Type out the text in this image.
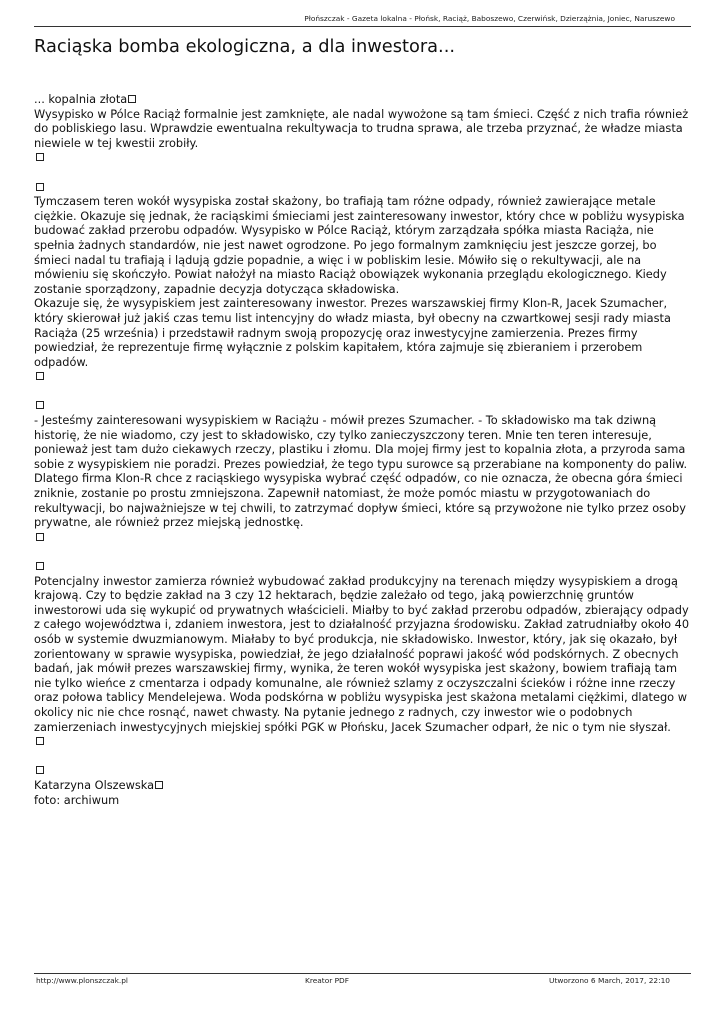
Płońszczak - Gazeta lokalna - Płońsk, Raciąż, Baboszewo, Czerwińsk, Dzierzążnia, Joniec, Naruszewo
Raciąska bomba ekologiczna, a dla inwestora...
... kopalnia złota

Wysypisko w Pólce Raciąż formalnie jest zamknięte, ale nadal wywożone są tam śmieci. Część z nich trafia również do pobliskiego lasu. Wprawdzie ewentualna rekultywacja to trudna sprawa, ale trzeba przyznać, że władze miasta niewiele w tej kwestii zrobiły.

Tymczasem teren wokół wysypiska został skażony, bo trafiają tam różne odpady, również zawierające metale ciężkie. Okazuje się jednak, że raciąskimi śmieciami jest zainteresowany inwestor, który chce w pobliżu wysypiska budować zakład przerobu odpadów. Wysypisko w Pólce Raciąż, którym zarządzała spółka miasta Raciąża, nie spełnia żadnych standardów, nie jest nawet ogrodzone. Po jego formalnym zamknięciu jest jeszcze gorzej, bo śmieci nadal tu trafiają i lądują gdzie popadnie, a więc i w pobliskim lesie. Mówiło się o rekultywacji, ale na mówieniu się skończyło. Powiat nałożył na miasto Raciąż obowiązek wykonania przeglądu ekologicznego. Kiedy zostanie sporządzony, zapadnie decyzja dotycząca składowiska.

Okazuje się, że wysypiskiem jest zainteresowany inwestor. Prezes warszawskiej firmy Klon-R, Jacek Szumacher, który skierował już jakiś czas temu list intencyjny do władz miasta, był obecny na czwartkowej sesji rady miasta Raciąża (25 września) i przedstawił radnym swoją propozycję oraz inwestycyjne zamierzenia. Prezes firmy powiedział, że reprezentuje firmę wyłącznie z polskim kapitałem, która zajmuje się zbieraniem i przerobem odpadów.

- Jesteśmy zainteresowani wysypiskiem w Raciążu - mówił prezes Szumacher. - To składowisko ma tak dziwną historię, że nie wiadomo, czy jest to składowisko, czy tylko zanieczyszczony teren. Mnie ten teren interesuje, ponieważ jest tam dużo ciekawych rzeczy, plastiku i złomu. Dla mojej firmy jest to kopalnia złota, a przyroda sama sobie z wysypiskiem nie poradzi. Prezes powiedział, że tego typu surowce są przerabiane na komponenty do paliw. Dlatego firma Klon-R chce z raciąskiego wysypiska wybrać część odpadów, co nie oznacza, że obecna góra śmieci zniknie, zostanie po prostu zmniejszona. Zapewnił natomiast, że może pomóc miastu w przygotowaniach do rekultywacji, bo najważniejsze w tej chwili, to zatrzymać dopływ śmieci, które są przywożone nie tylko przez osoby prywatne, ale również przez miejską jednostkę.

Potencjalny inwestor zamierza również wybudować zakład produkcyjny na terenach między wysypiskiem a drogą krajową. Czy to będzie zakład na 3 czy 12 hektarach, będzie zależało od tego, jaką powierzchnię gruntów inwestorowi uda się wykupić od prywatnych właścicieli. Miałby to być zakład przerobu odpadów, zbierający odpady z całego województwa i, zdaniem inwestora, jest to działalność przyjazna środowisku. Zakład zatrudniałby około 40 osób w systemie dwuzmianowym. Miałaby to być produkcja, nie składowisko. Inwestor, który, jak się okazało, był zorientowany w sprawie wysypiska, powiedział, że jego działalność poprawi jakość wód podskórnych. Z obecnych badań, jak mówił prezes warszawskiej firmy, wynika, że teren wokół wysypiska jest skażony, bowiem trafiają tam nie tylko wieńce z cmentarza i odpady komunalne, ale również szlamy z oczyszczalni ścieków i różne inne rzeczy oraz połowa tablicy Mendelejewa. Woda podskórna w pobliżu wysypiska jest skażona metalami ciężkimi, dlatego w okolicy nic nie chce rosnąć, nawet chwasty. Na pytanie jednego z radnych, czy inwestor wie o podobnych zamierzeniach inwestycyjnych miejskiej spółki PGK w Płońsku, Jacek Szumacher odparł, że nic o tym nie słyszał.

Katarzyna Olszewska
foto: archiwum
http://www.plonszczak.pl	Kreator PDF	Utworzono 6 March, 2017, 22:10
